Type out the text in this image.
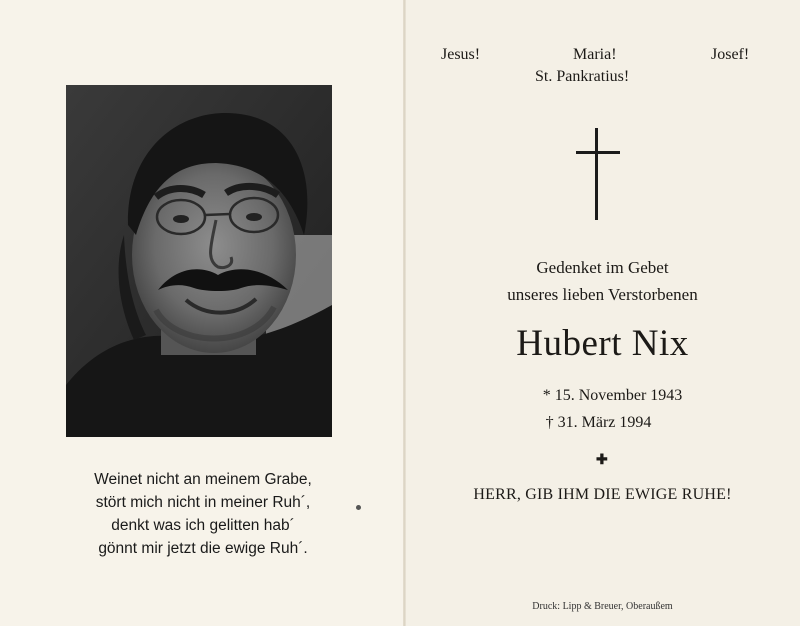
Weinet nicht an meinem Grabe,
stört mich nicht in meiner Ruh´,
denkt was ich gelitten hab´
gönnt mir jetzt die ewige Ruh´.
Jesus!	Maria!	Josef!
St. Pankratius!
Gedenket im Gebet
unseres lieben Verstorbenen
Hubert Nix
* 15. November 1943
† 31. März 1994
✚
HERR, GIB IHM DIE EWIGE RUHE!
Druck: Lipp & Breuer, Oberaußem
